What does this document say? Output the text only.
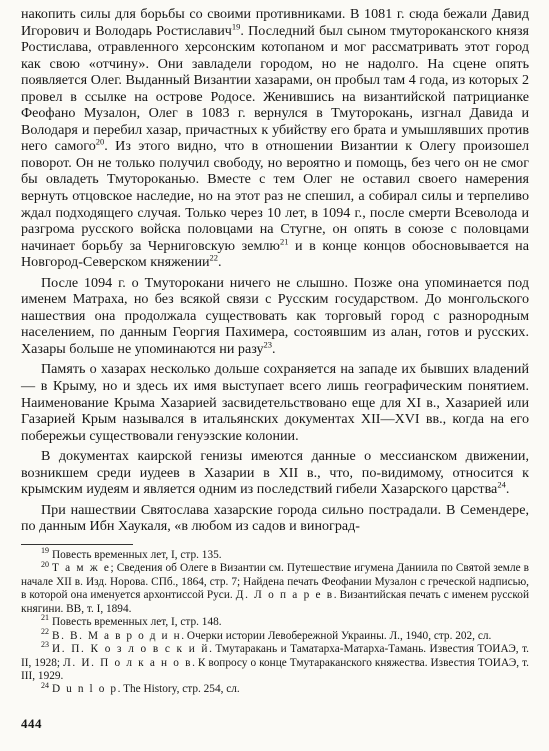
накопить силы для борьбы со своими противниками. В 1081 г. сюда бежали Давид Игорович и Володарь Ростиславич$^{19}$. Последний был сыном тмутороканского князя Ростислава, отравленного херсонским котопаном и мог рассматривать этот город как свою «отчину». Они завладели городом, но не надолго. На сцене опять появляется Олег. Выданный Византии хазарами, он пробыл там 4 года, из которых 2 провел в ссылке на острове Родосе. Женившись на византийской патрицианке Феофано Музалон, Олег в 1083 г. вернулся в Тмуторокань, изгнал Давида и Володаря и перебил хазар, причастных к убийству его брата и умышлявших против него самого$^{20}$. Из этого видно, что в отношении Византии к Олегу произошел поворот. Он не только получил свободу, но вероятно и помощь, без чего он не смог бы овладеть Тмутороканью. Вместе с тем Олег не оставил своего намерения вернуть отцовское наследие, но на этот раз не спешил, а собирал силы и терпеливо ждал подходящего случая. Только через 10 лет, в 1094 г., после смерти Всеволода и разгрома русского войска половцами на Стугне, он опять в союзе с половцами начинает борьбу за Черниговскую землю$^{21}$ и в конце концов обосновывается на Новгород-Северском княжении$^{22}$.

После 1094 г. о Тмуторокани ничего не слышно. Позже она упоминается под именем Матраха, но без всякой связи с Русским государством. До монгольского нашествия она продолжала существовать как торговый город с разнородным населением, по данным Георгия Пахимера, состоявшим из алан, готов и русских. Хазары больше не упоминаются ни разу$^{23}$.

Память о хазарах несколько дольше сохраняется на западе их бывших владений — в Крыму, но и здесь их имя выступает всего лишь географическим понятием. Наименование Крыма Хазарией засвидетельствовано еще для XI в., Хазарией или Газарией Крым назывался в итальянских документах XII—XVI вв., когда на его побережьи существовали генуэзские колонии.

В документах каирской генизы имеются данные о мессианском движении, возникшем среди иудеев в Хазарии в XII в., что, по-видимому, относится к крымским иудеям и является одним из последствий гибели Хазарского царства$^{24}$.

При нашествии Святослава хазарские города сильно пострадали. В Семендере, по данным Ибн Хаукаля, «в любом из садов и виноград-

$^{19}$ Повесть временных лет, I, стр. 135.

$^{20}$ Т а м ж е; Сведения об Олеге в Византии см. Путешествие игумена Даниила по Святой земле в начале XII в. Изд. Норова. СПб., 1864, стр. 7; Найдена печать Феофании Музалон с греческой надписью, в которой она именуется архонтиссой Руси. Д. Л о п а р е в. Византийская печать с именем русской княгини. ВВ, т. I, 1894.

$^{21}$ Повесть временных лет, I, стр. 148.

$^{22}$ В. В. М а в р о д и н. Очерки истории Левобережной Украины. Л., 1940, стр. 202, сл.

$^{23}$ И. П. К о з л о в с к и й. Тмутаракань и Таматарха-Матарха-Тамань. Известия ТОИАЭ, т. II, 1928; Л. И. П о л к а н о в. К вопросу о конце Тмутараканского княжества. Известия ТОИАЭ, т. III, 1929.

$^{24}$ D u n l o p. The History, стр. 254, сл.

444
